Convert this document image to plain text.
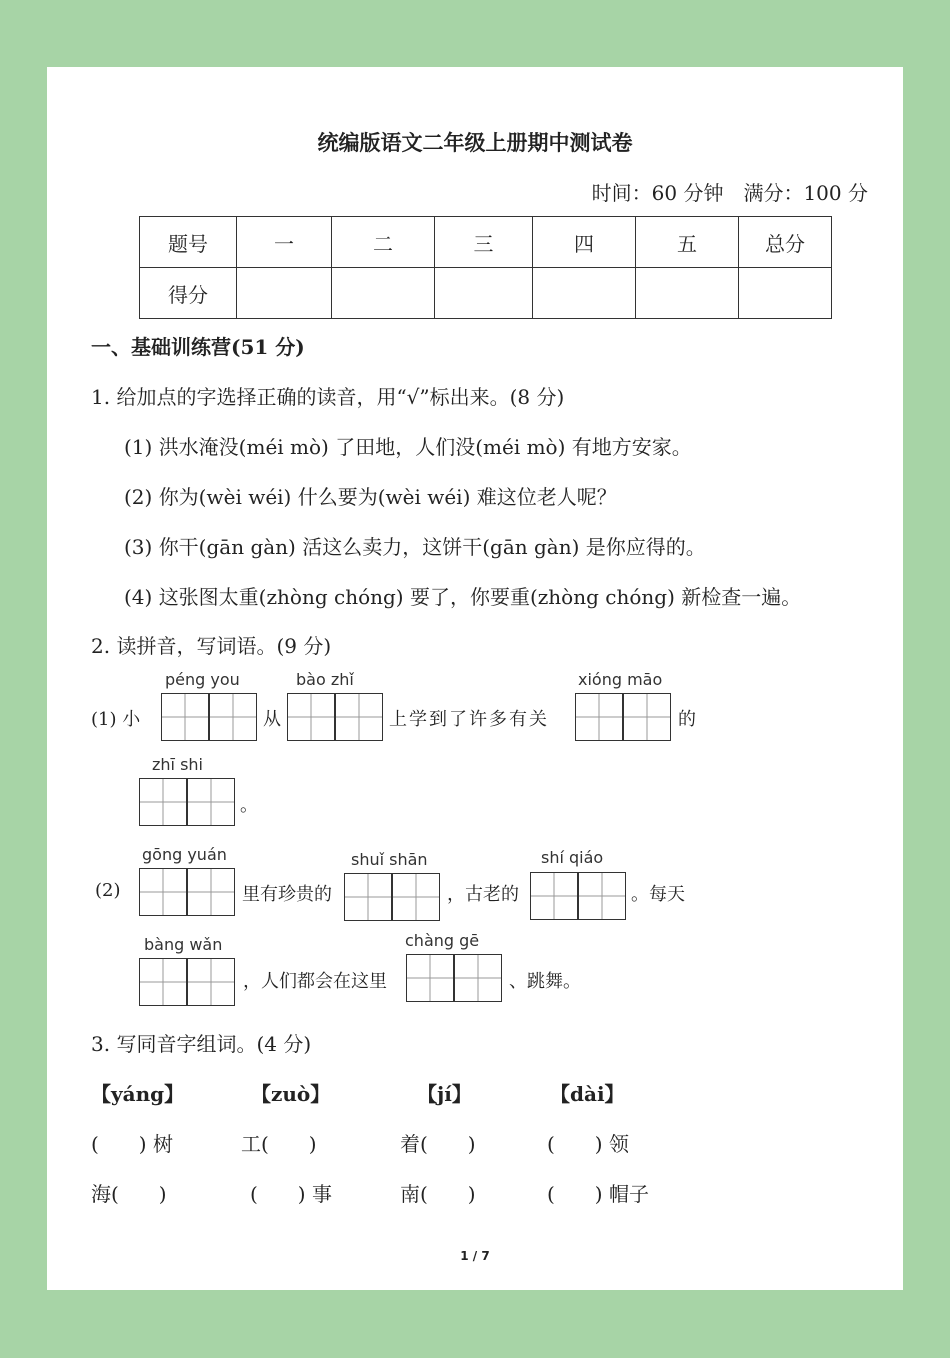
统编版语文二年级上册期中测试卷
时间：60 分钟　满分：100 分
题号	一	二	三	四	五	总分
得分						
一、基础训练营(51 分)
1. 给加点的字选择正确的读音，用“√”标出来。(8 分)
(1) 洪水淹没(méi mò) 了田地，人们没(méi mò) 有地方安家。
(2) 你为(wèi wéi) 什么要为(wèi wéi) 难这位老人呢？
(3) 你干(gān gàn) 活这么卖力，这饼干(gān gàn) 是你应得的。
(4) 这张图太重(zhòng chóng) 要了，你要重(zhòng chóng) 新检查一遍。
2. 读拼音，写词语。(9 分)
(1) 小
péng you
从
bào zhǐ
上学到了许多有关
xióng māo
的
zhī shi
。
(2)
gōng yuán
里有珍贵的
shuǐ shān
，古老的
shí qiáo
。每天
bàng wǎn
，人们都会在这里
chàng gē
、跳舞。
3. 写同音字组词。(4 分)
【yáng】	【zuò】	【jí】	【dài】
(　　) 树	工(　　)	着(　　)	(　　) 领
海(　　)	(　　) 事	南(　　)	(　　) 帽子
1 / 7
